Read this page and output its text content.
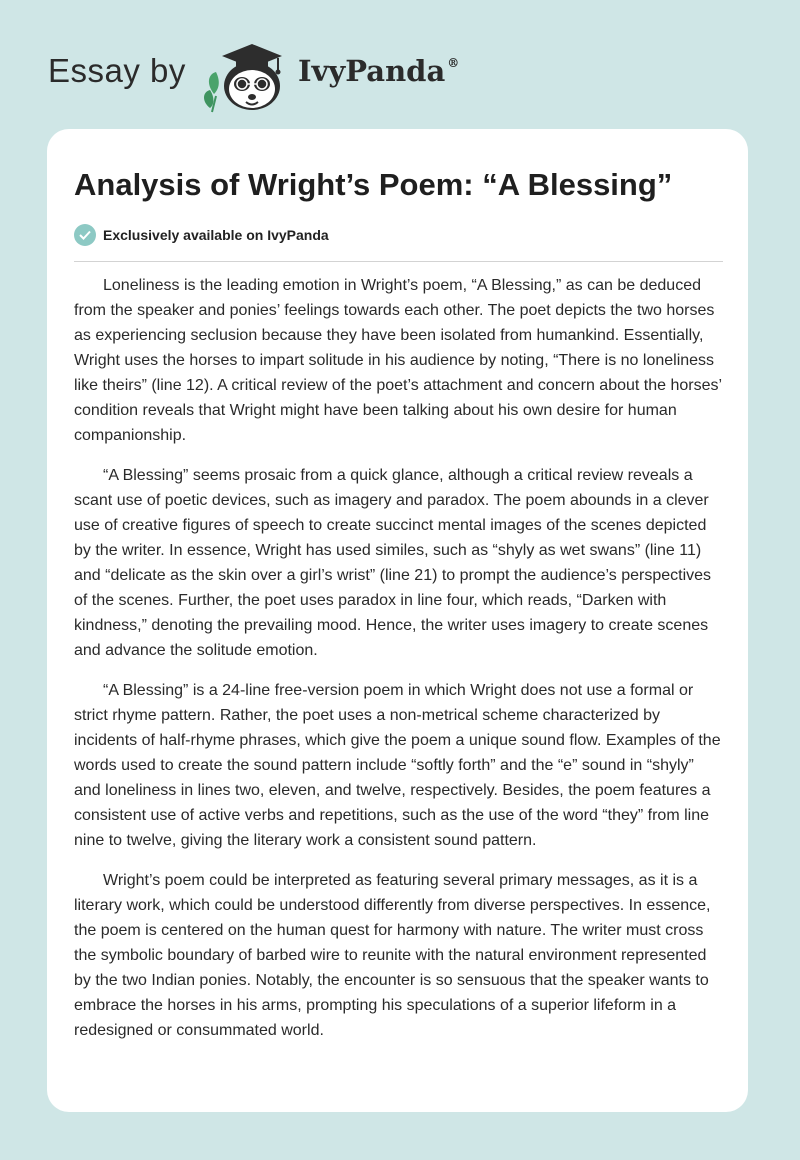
Essay by	IvyPanda ®
Analysis of Wright’s Poem: “A Blessing”
Exclusively available on IvyPanda

Loneliness is the leading emotion in Wright’s poem, “A Blessing,” as can be deduced from the speaker and ponies’ feelings towards each other. The poet depicts the two horses as experiencing seclusion because they have been isolated from humankind. Essentially, Wright uses the horses to impart solitude in his audience by noting, “There is no loneliness like theirs” (line 12). A critical review of the poet’s attachment and concern about the horses’ condition reveals that Wright might have been talking about his own desire for human companionship.

“A Blessing” seems prosaic from a quick glance, although a critical review reveals a scant use of poetic devices, such as imagery and paradox. The poem abounds in a clever use of creative figures of speech to create succinct mental images of the scenes depicted by the writer. In essence, Wright has used similes, such as “shyly as wet swans” (line 11) and “delicate as the skin over a girl’s wrist” (line 21) to prompt the audience’s perspectives of the scenes. Further, the poet uses paradox in line four, which reads, “Darken with kindness,” denoting the prevailing mood. Hence, the writer uses imagery to create scenes and advance the solitude emotion.

“A Blessing” is a 24-line free-version poem in which Wright does not use a formal or strict rhyme pattern. Rather, the poet uses a non-metrical scheme characterized by incidents of half-rhyme phrases, which give the poem a unique sound flow. Examples of the words used to create the sound pattern include “softly forth” and the “e” sound in “shyly” and loneliness in lines two, eleven, and twelve, respectively. Besides, the poem features a consistent use of active verbs and repetitions, such as the use of the word “they” from line nine to twelve, giving the literary work a consistent sound pattern.

Wright’s poem could be interpreted as featuring several primary messages, as it is a literary work, which could be understood differently from diverse perspectives. In essence, the poem is centered on the human quest for harmony with nature. The writer must cross the symbolic boundary of barbed wire to reunite with the natural environment represented by the two Indian ponies. Notably, the encounter is so sensuous that the speaker wants to embrace the horses in his arms, prompting his speculations of a superior lifeform in a redesigned or consummated world.
